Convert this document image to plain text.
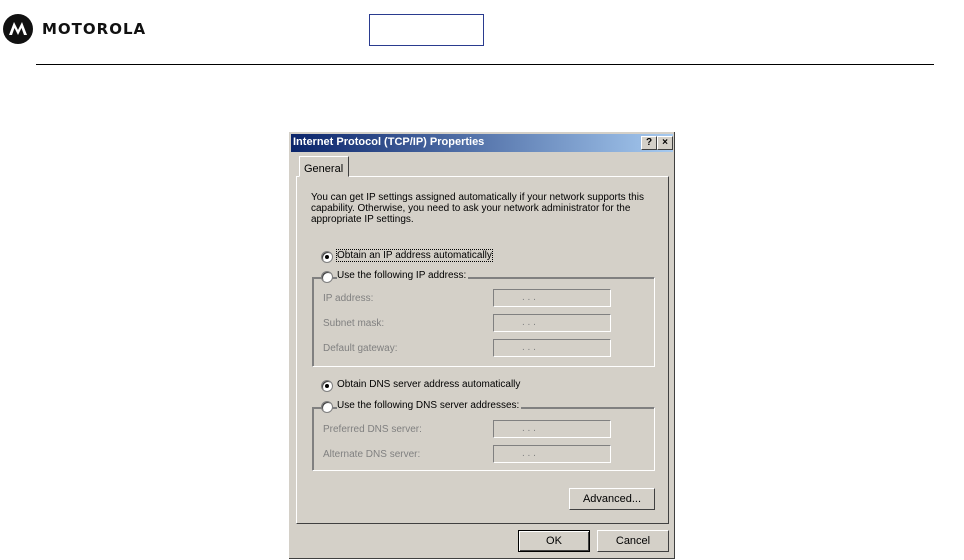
MOTOROLA
Internet Protocol (TCP/IP) Properties	?	×
General
You can get IP settings assigned automatically if your network supports this capability. Otherwise, you need to ask your network administrator for the appropriate IP settings.
Obtain an IP address automatically
Use the following IP address:
IP address:	. . .
Subnet mask:	. . .
Default gateway:	. . .
Obtain DNS server address automatically
Use the following DNS server addresses:
Preferred DNS server:	. . .
Alternate DNS server:	. . .
Advanced...
OK	Cancel
